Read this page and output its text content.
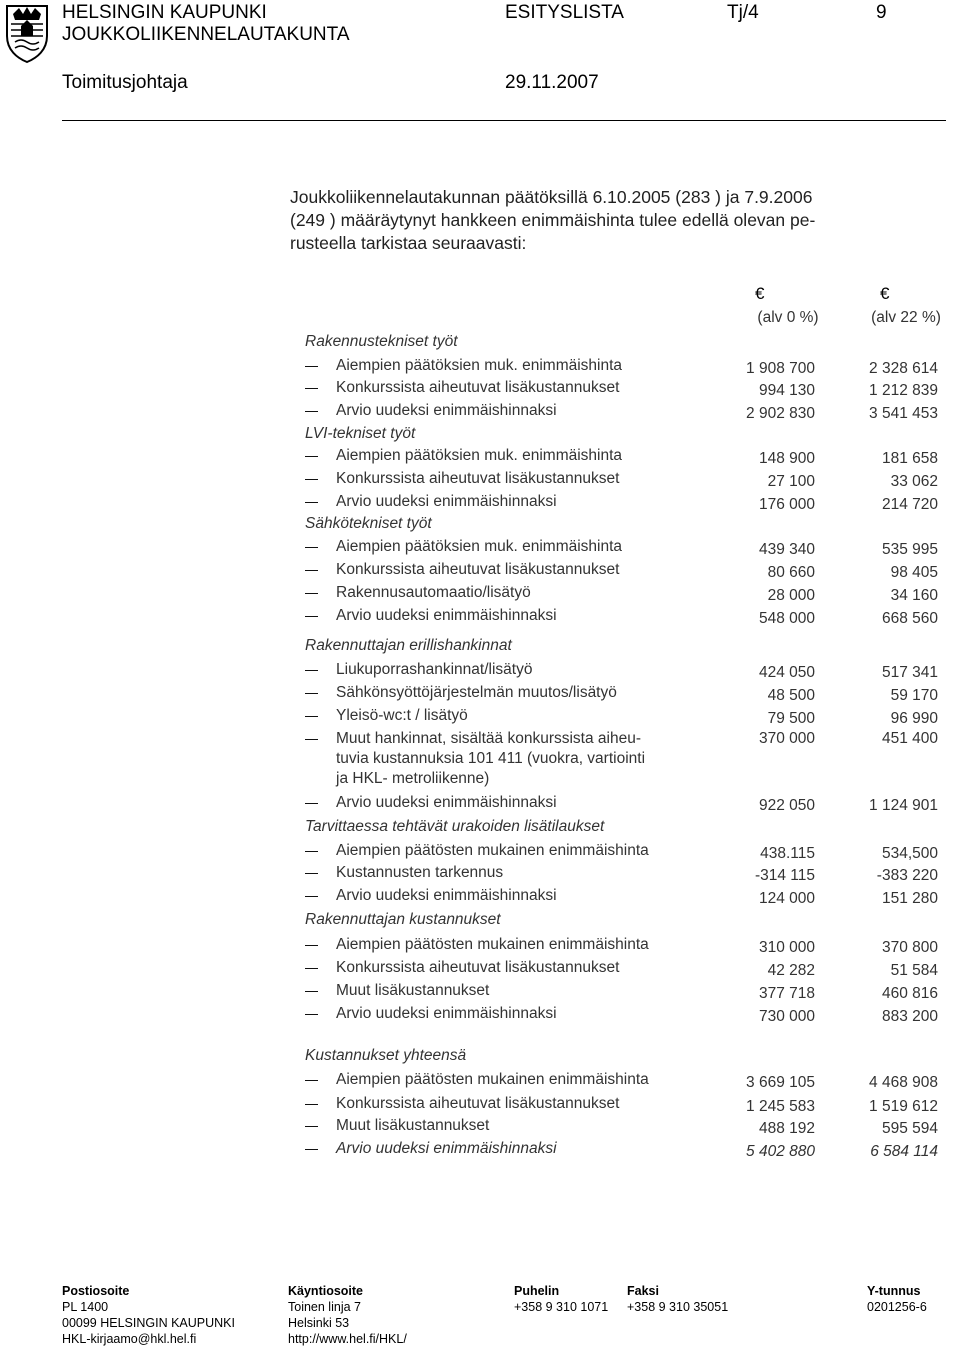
HELSINGIN KAUPUNKI
JOUKKOLIIKENNELAUTAKUNTA
ESITYSLISTA	Tj/4	9
Toimitusjohtaja	29.11.2007
Joukkoliikennelautakunnan päätöksillä 6.10.2005 (283 ) ja 7.9.2006
(249 ) määräytynyt hankkeen enimmäishinta tulee edellä olevan pe-
rusteella tarkistaa seuraavasti:
€	€
(alv 0 %)	(alv 22 %)
Rakennustekniset työt
Aiempien päätöksien muk. enimmäishinta	1 908 700	2 328 614
Konkurssista aiheutuvat lisäkustannukset	994 130	1 212 839
Arvio uudeksi enimmäishinnaksi	2 902 830	3 541 453
LVI-tekniset työt
Aiempien päätöksien muk. enimmäishinta	148 900	181 658
Konkurssista aiheutuvat lisäkustannukset	27 100	33 062
Arvio uudeksi enimmäishinnaksi	176 000	214 720
Sähkötekniset työt
Aiempien päätöksien muk. enimmäishinta	439 340	535 995
Konkurssista aiheutuvat lisäkustannukset	80 660	98 405
Rakennusautomaatio/lisätyö	28 000	34 160
Arvio uudeksi enimmäishinnaksi	548 000	668 560
Rakennuttajan erillishankinnat
Liukuporrashankinnat/lisätyö	424 050	517 341
Sähkönsyöttöjärjestelmän muutos/lisätyö	48 500	59 170
Yleisö-wc:t / lisätyö	79 500	96 990
Muut hankinnat, sisältää konkurssista aiheu-
tuvia kustannuksia 101 411 (vuokra, vartiointi
ja HKL- metroliikenne)
370 000	451 400
Arvio uudeksi enimmäishinnaksi	922 050	1 124 901
Tarvittaessa tehtävät urakoiden lisätilaukset
Aiempien päätösten mukainen enimmäishinta	438.115	534,500
Kustannusten tarkennus	-314 115	-383 220
Arvio uudeksi enimmäishinnaksi	124 000	151 280
Rakennuttajan kustannukset
Aiempien päätösten mukainen enimmäishinta	310 000	370 800
Konkurssista aiheutuvat lisäkustannukset	42 282	51 584
Muut lisäkustannukset	377 718	460 816
Arvio uudeksi enimmäishinnaksi	730 000	883 200
Kustannukset yhteensä
Aiempien päätösten mukainen enimmäishinta	3 669 105	4 468 908
Konkurssista aiheutuvat lisäkustannukset	1 245 583	1 519 612
Muut lisäkustannukset	488 192	595 594
Arvio uudeksi enimmäishinnaksi	5 402 880	6 584 114
Postiosoite
PL 1400
00099 HELSINGIN KAUPUNKI
HKL-kirjaamo@hkl.hel.fi
Käyntiosoite
Toinen linja 7
Helsinki 53
http://www.hel.fi/HKL/
Puhelin
+358 9 310 1071
Faksi
+358 9 310 35051
Y-tunnus
0201256-6
